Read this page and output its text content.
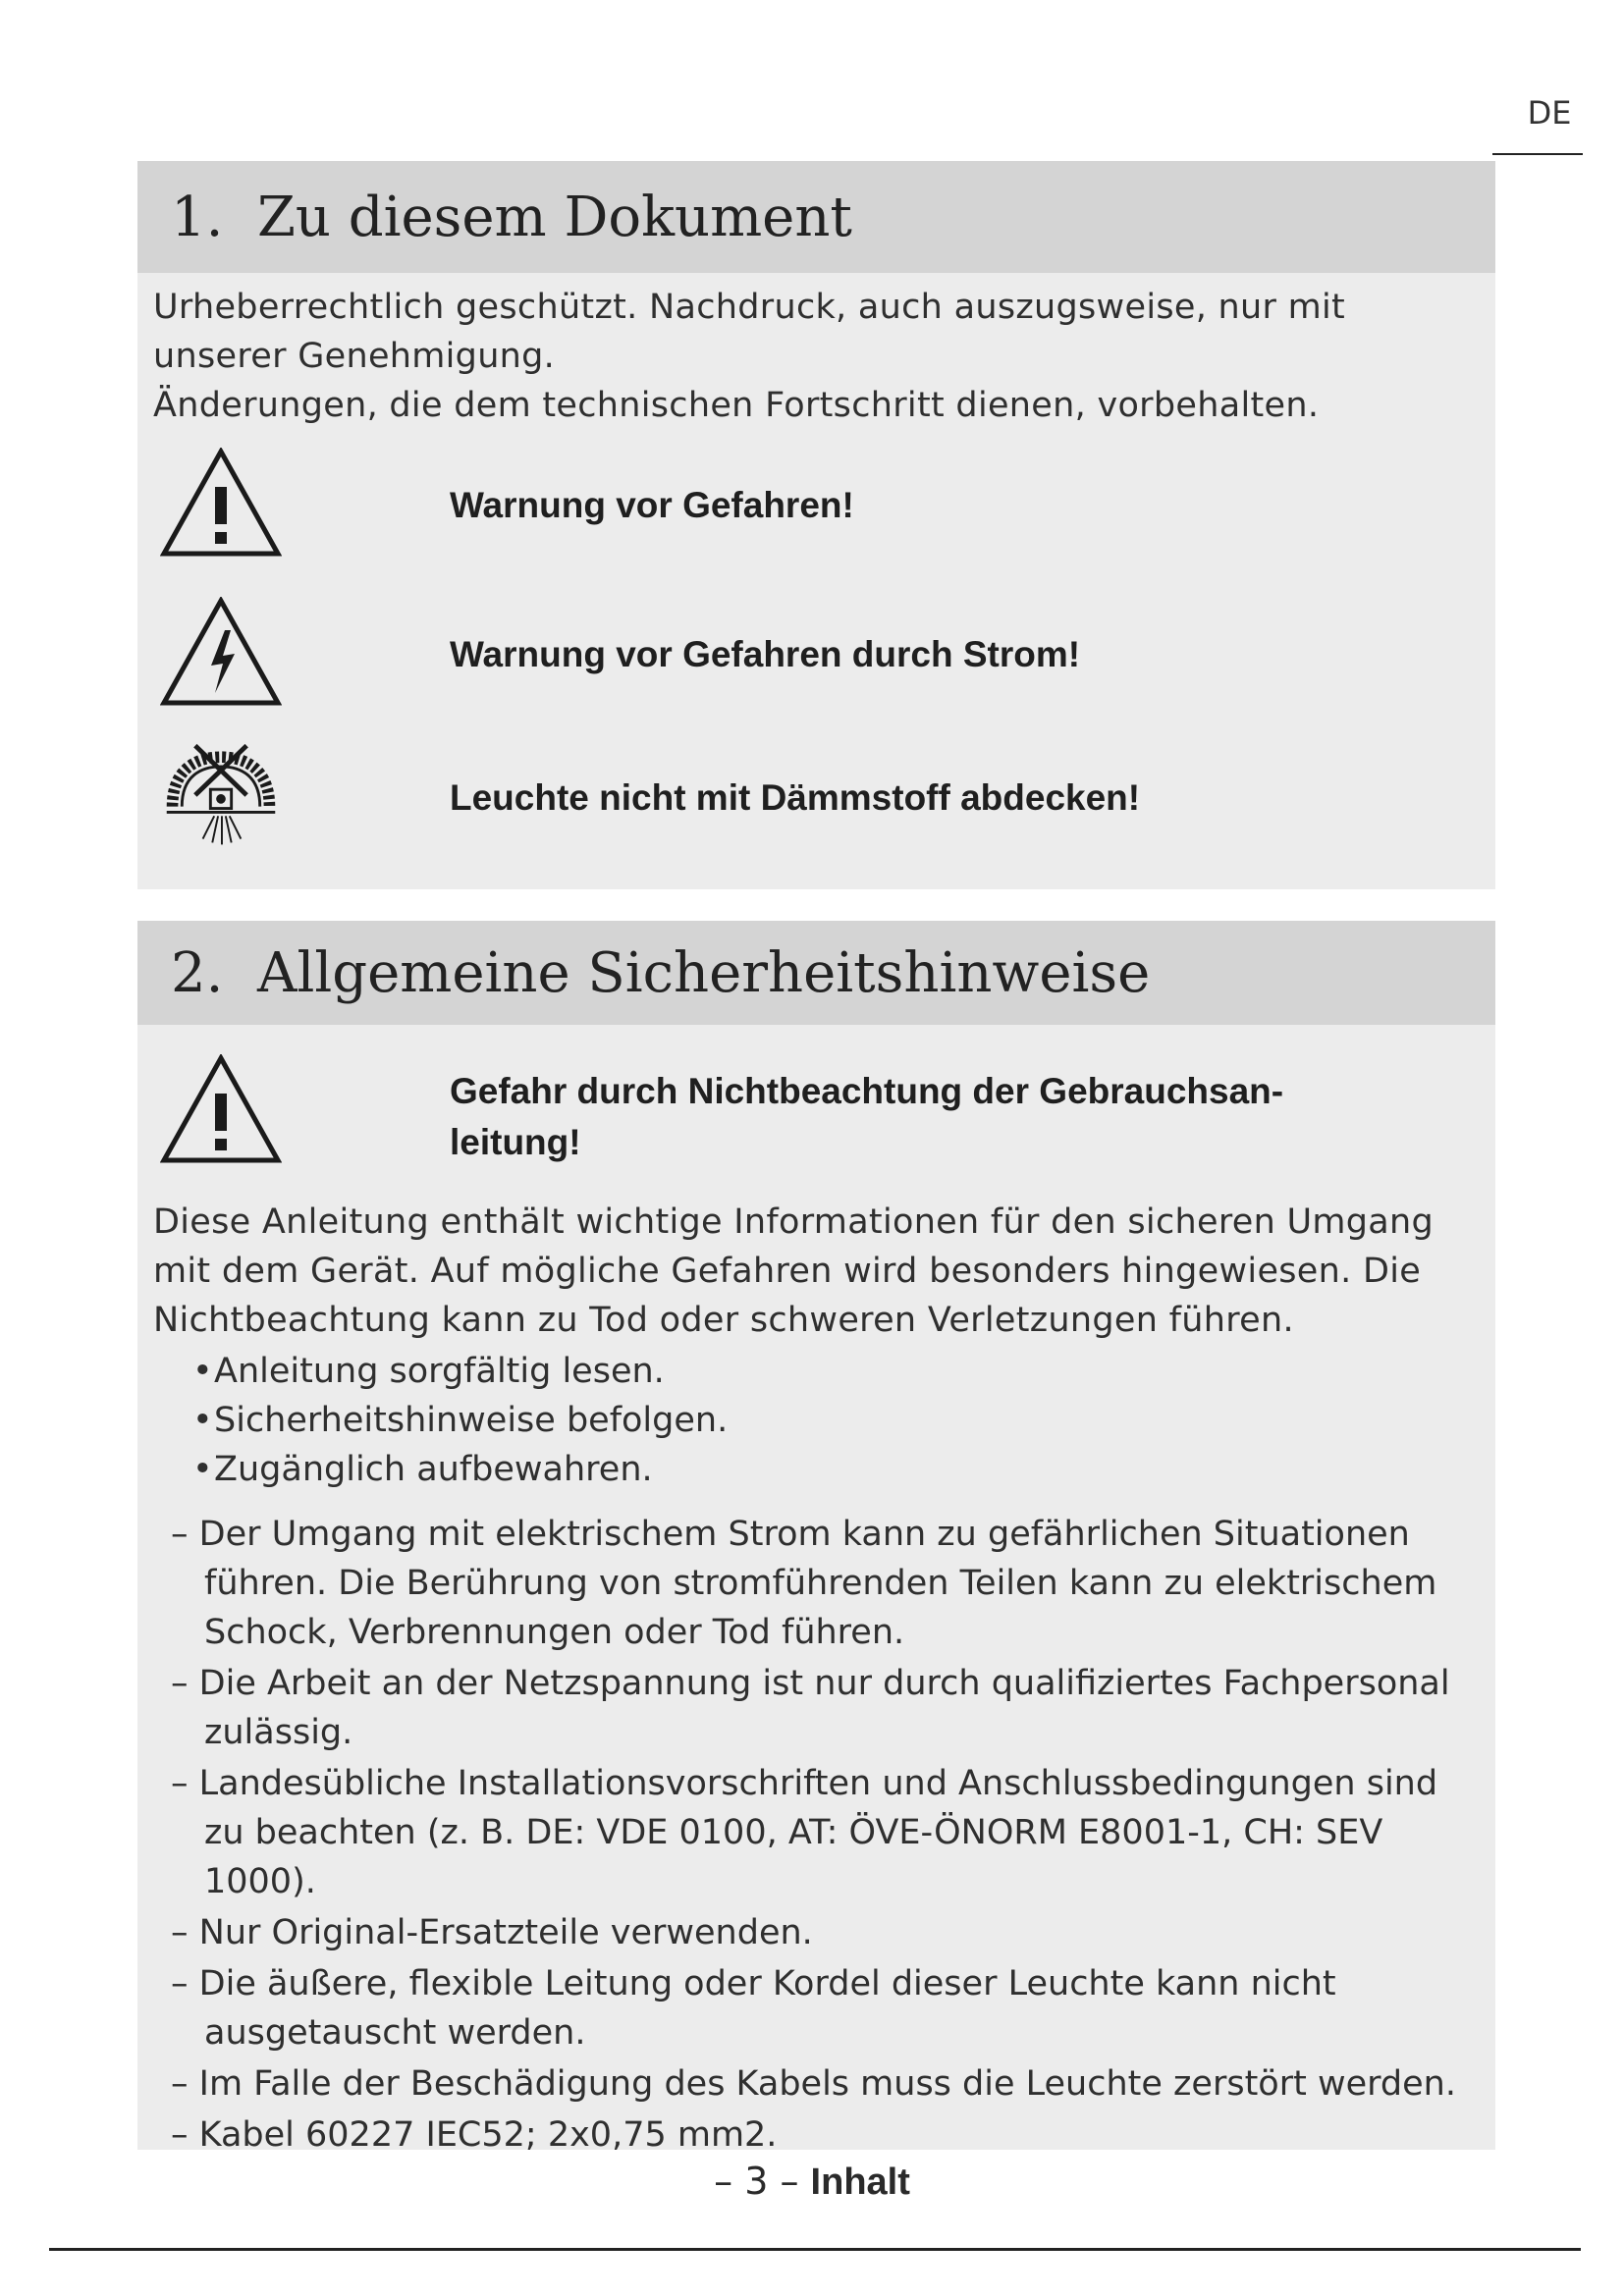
DE
1. Zu diesem Dokument

Urheberrechtlich geschützt. Nachdruck, auch auszugsweise, nur mit unserer Genehmigung.

Änderungen, die dem technischen Fortschritt dienen, vorbehalten.

Warnung vor Gefahren!
Warnung vor Gefahren durch Strom!
Leuchte nicht mit Dämmstoff abdecken!
2. Allgemeine Sicherheitshinweise
Gefahr durch Nichtbeachtung der Gebrauchsan-
leitung!

Diese Anleitung enthält wichtige Informationen für den sicheren Umgang mit dem Gerät. Auf mögliche Gefahren wird besonders hingewiesen. Die Nichtbeachtung kann zu Tod oder schweren Verletzungen führen.

•Anleitung sorgfältig lesen.
•Sicherheitshinweise befolgen.
•Zugänglich aufbewahren.
– Der Umgang mit elektrischem Strom kann zu gefährlichen Situationen führen. Die Berührung von stromführenden Teilen kann zu elektrischem Schock, Verbrennungen oder Tod führen.
– Die Arbeit an der Netzspannung ist nur durch qualifiziertes Fachpersonal zulässig.
– Landesübliche Installationsvorschriften und Anschlussbedingungen sind zu beachten (z. B. DE: VDE 0100, AT: ÖVE-ÖNORM E8001-1, CH: SEV 1000).
– Nur Original-Ersatzteile verwenden.
– Die äußere, flexible Leitung oder Kordel dieser Leuchte kann nicht ausgetauscht werden.
– Im Falle der Beschädigung des Kabels muss die Leuchte zerstört werden.
– Kabel 60227 IEC52; 2x0,75 mm2.
– 3 – Inhalt
